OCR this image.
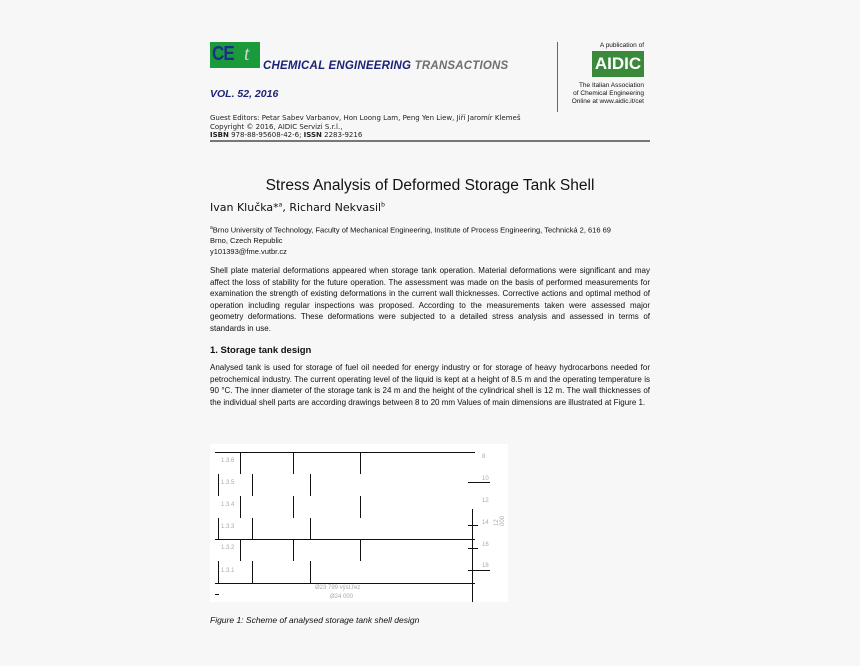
CE t
CHEMICAL ENGINEERING TRANSACTIONS
VOL. 52, 2016
A publication of
AIDIC
The Italian Association
of Chemical Engineering
Online at www.aidic.it/cet
Guest Editors: Petar Sabev Varbanov, Hon Loong Lam, Peng Yen Liew, Jiří Jaromír Klemeš
Copyright © 2016, AIDIC Servizi S.r.l.,
ISBN 978-88-95608-42-6; ISSN 2283-9216
Stress Analysis of Deformed Storage Tank Shell
Ivan Klučka*$^a$, Richard Nekvasil$^b$
$^a$Brno University of Technology, Faculty of Mechanical Engineering, Institute of Process Engineering, Technická 2, 616 69
Brno, Czech Republic
y101393@fme.vutbr.cz
Shell plate material deformations appeared when storage tank operation. Material deformations were significant and may affect the loss of stability for the future operation. The assessment was made on the basis of performed measurements for examination the strength of existing deformations in the current wall thicknesses. Corrective actions and optimal method of operation including regular inspections was proposed. According to the measurements taken were assessed major geometry deformations. These deformations were subjected to a detailed stress analysis and assessed in terms of standards in use.
1. Storage tank design
Analysed tank is used for storage of fuel oil needed for energy industry or for storage of heavy hydrocarbons needed for petrochemical industry. The current operating level of the liquid is kept at a height of 8.5 m and the operating temperature is 90 °C. The inner diameter of the storage tank is 24 m and the height of the cylindrical shell is 12 m. The wall thicknesses of the individual shell parts are according drawings between 8 to 20 mm Values of main dimensions are illustrated at Figure 1.
1.3.6
1.3.5
1.3.4
1.3.3
1.3.2
1.3.1
8
10
12
14
16
18
12 000
Ø23 799 výst.řez
Ø24 000
Figure 1: Scheme of analysed storage tank shell design
